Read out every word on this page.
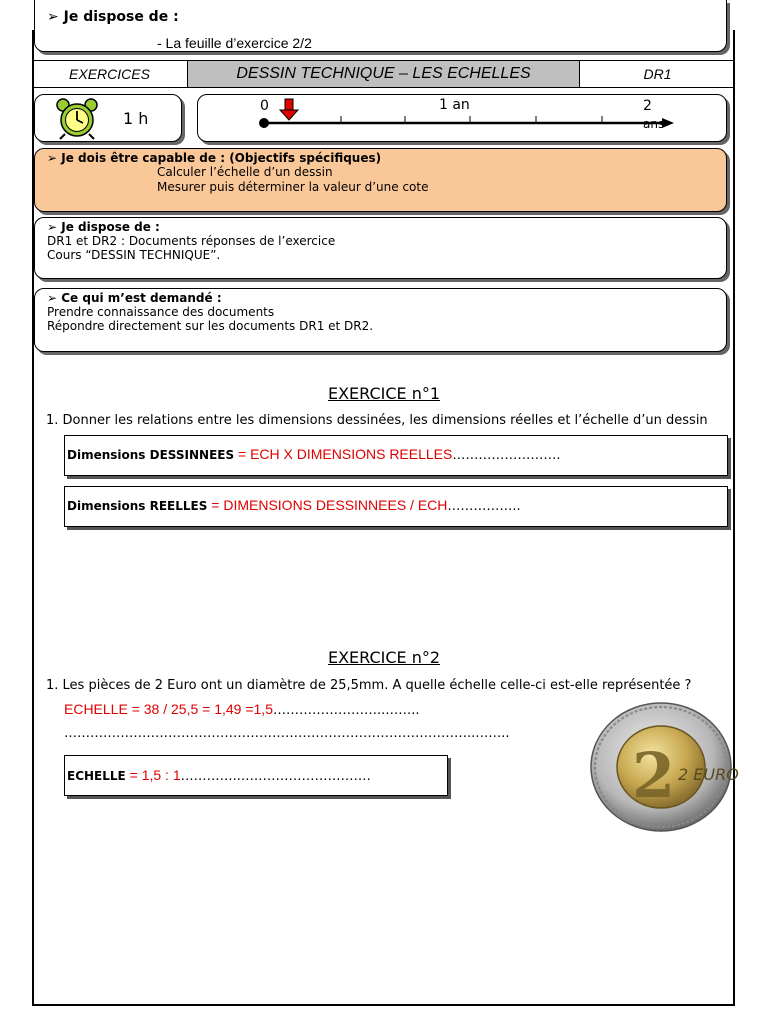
➢ Je dispose de :
- La feuille d’exercice 2/2
EXERCICES	DESSIN TECHNIQUE – LES ECHELLES	DR1
1 h
0	1 an	2
ans
➢ Je dois être capable de : (Objectifs spécifiques)
Calculer l’échelle d’un dessin
Mesurer puis déterminer la valeur d’une cote
➢ Je dispose de :
DR1 et DR2 : Documents réponses de l’exercice
Cours “DESSIN TECHNIQUE”.
➢ Ce qui m’est demandé :
Prendre connaissance des documents
Répondre directement sur les documents DR1 et DR2.
EXERCICE n°1
1. Donner les relations entre les dimensions dessinées, les dimensions réelles et l’échelle d’un dessin
Dimensions DESSINNEES = ECH X DIMENSIONS REELLES…………………….
Dimensions REELLES = DIMENSIONS DESSINNEES / ECH……………..
EXERCICE n°2
1. Les pièces de 2 Euro ont un diamètre de 25,5mm. A quelle échelle celle-ci est-elle représentée ?
ECHELLE = 38 / 25,5 = 1,49 =1,5……………………..……..
…………………………………………………………………………………..……..
ECHELLE = 1,5 : 1…………..…………………………	2 2 EURO
